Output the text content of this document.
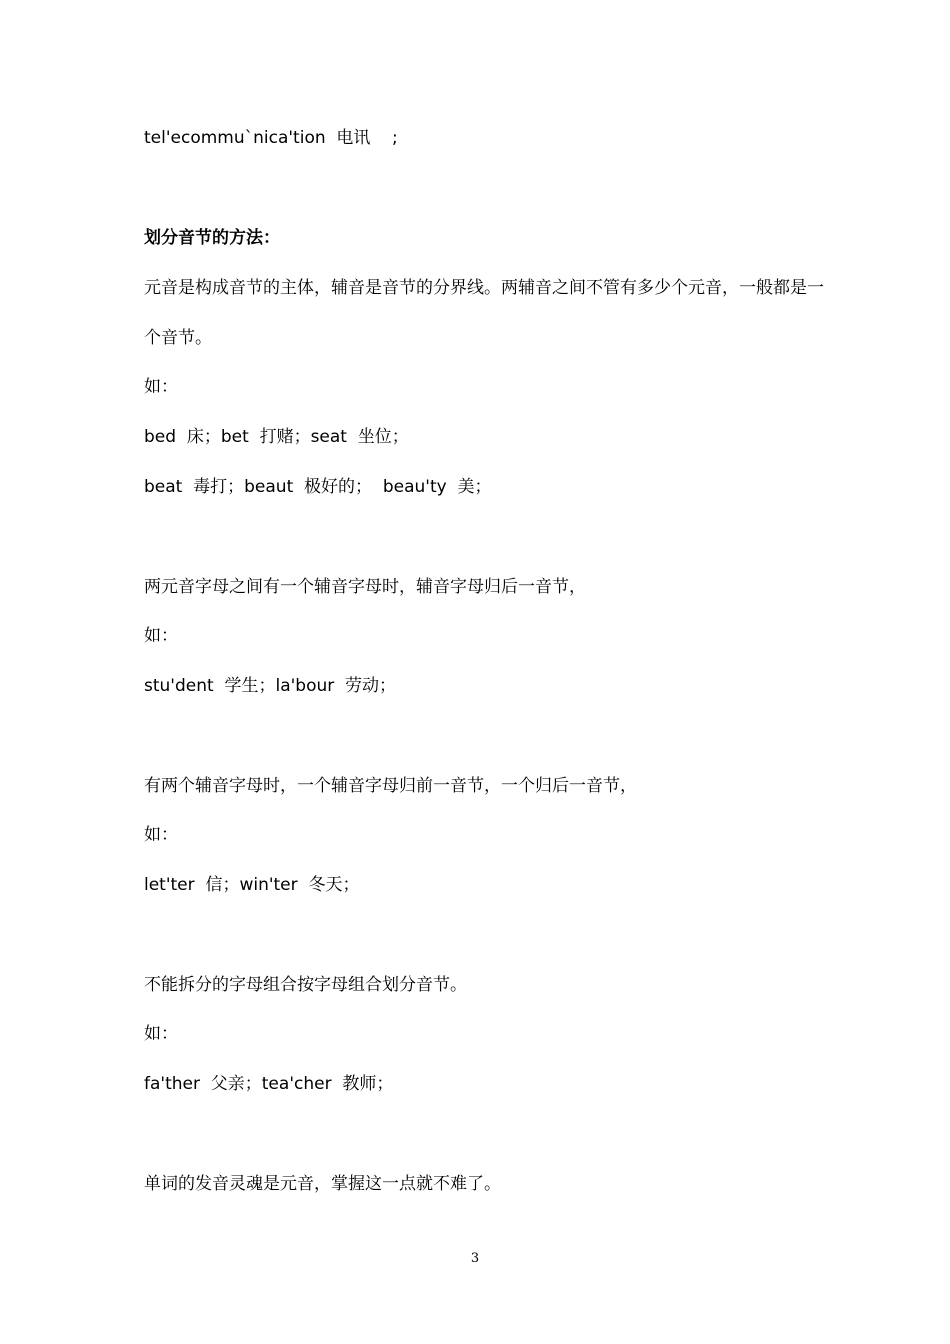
tel'ecommu`nica'tion  电讯    ;

划分音节的方法：

元音是构成音节的主体，辅音是音节的分界线。两辅音之间不管有多少个元音，一般都是一

个音节。

如：

bed  床；bet  打赌；seat  坐位；

beat  毒打；beaut  极好的；  beau'ty  美；

两元音字母之间有一个辅音字母时，辅音字母归后一音节，

如：

stu'dent  学生；la'bour  劳动；

有两个辅音字母时，一个辅音字母归前一音节，一个归后一音节，

如：

let'ter  信；win'ter  冬天；

不能拆分的字母组合按字母组合划分音节。

如：

fa'ther  父亲；tea'cher  教师；

单词的发音灵魂是元音，掌握这一点就不难了。

3
